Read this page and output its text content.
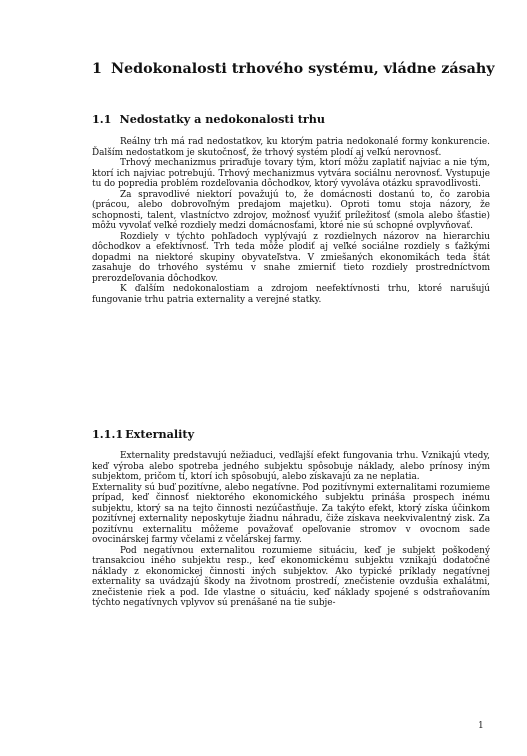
1 Nedokonalosti trhového systému, vládne zásahy
1.1 Nedostatky a nedokonalosti trhu

Reálny trh má rad nedostatkov, ku ktorým patria nedokonalé formy konkurencie. Ďalším nedostatkom je skutočnosť, že trhový systém plodí aj veľkú nerovnosť.

Trhový mechanizmus priraďuje tovary tým, ktorí môžu zaplatiť najviac a nie tým, ktorí ich najviac potrebujú. Trhový mechanizmus vytvára sociálnu nerovnosť. Vystupuje tu do popredia problém rozdeľovania dôchodkov, ktorý vyvoláva otázku spravodlivosti.

Za spravodlivé niektorí považujú to, že domácnosti dostanú to, čo zarobia (prácou, alebo dobrovoľným predajom majetku). Oproti tomu stoja názory, že schopnosti, talent, vlastníctvo zdrojov, možnosť využiť príležitosť (smola alebo šťastie) môžu vyvolať veľké rozdiely medzi domácnosťami, ktoré nie sú schopné ovplyvňovať.

Rozdiely v týchto pohľadoch vyplývajú z rozdielnych názorov na hierarchiu dôchodkov a efektívnosť. Trh teda môže plodiť aj veľké sociálne rozdiely s ťažkými dopadmi na niektoré skupiny obyvateľstva. V zmiešaných ekonomikách teda štát zasahuje do trhového systému v snahe zmierniť tieto rozdiely prostredníctvom prerozdeľovania dôchodkov.

K ďalším nedokonalostiam a zdrojom neefektívnosti trhu, ktoré narušujú fungovanie trhu patria externality a verejné statky.

1.1.1 Externality

Externality predstavujú nežiaduci, vedľajší efekt fungovania trhu. Vznikajú vtedy, keď výroba alebo spotreba jedného subjektu spôsobuje náklady, alebo prínosy iným subjektom, pričom tí, ktorí ich spôsobujú, alebo získavajú za ne neplatia.

Externality sú buď pozitívne, alebo negatívne. Pod pozitívnymi externalitami rozumieme prípad, keď činnosť niektorého ekonomického subjektu prináša prospech inému subjektu, ktorý sa na tejto činnosti nezúčastňuje. Za takýto efekt, ktorý získa účinkom pozitívnej externality neposkytuje žiadnu náhradu, čiže získava neekvivalentný zisk. Za pozitívnu externalitu môžeme považovať opeľovanie stromov v ovocnom sade ovocinárskej farmy včelami z včelárskej farmy.

Pod negatívnou externalitou rozumieme situáciu, keď je subjekt poškodený transakciou iného subjektu resp., keď ekonomickému subjektu vznikajú dodatočné náklady z ekonomickej činnosti iných subjektov. Ako typické príklady negatívnej externality sa uvádzajú škody na životnom prostredí, znečistenie ovzdušia exhalátmi, znečistenie riek a pod. Ide vlastne o situáciu, keď náklady spojené s odstraňovaním týchto negatívnych vplyvov sú prenášané na tie subje-

1
